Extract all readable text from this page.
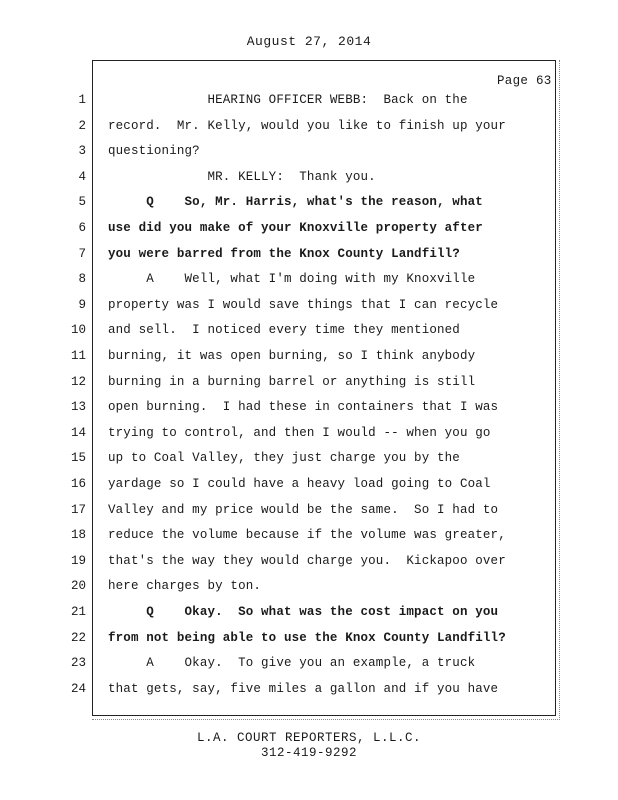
August 27, 2014
Page 63
1 HEARING OFFICER WEBB:  Back on the
2 record.  Mr. Kelly, would you like to finish up your
3 questioning?
4 MR. KELLY:  Thank you.
5 Q    So, Mr. Harris, what's the reason, what
6 use did you make of your Knoxville property after
7 you were barred from the Knox County Landfill?
8 A    Well, what I'm doing with my Knoxville
9 property was I would save things that I can recycle
10 and sell.  I noticed every time they mentioned
11 burning, it was open burning, so I think anybody
12 burning in a burning barrel or anything is still
13 open burning.  I had these in containers that I was
14 trying to control, and then I would -- when you go
15 up to Coal Valley, they just charge you by the
16 yardage so I could have a heavy load going to Coal
17 Valley and my price would be the same.  So I had to
18 reduce the volume because if the volume was greater,
19 that's the way they would charge you.  Kickapoo over
20 here charges by ton.
21 Q    Okay.  So what was the cost impact on you
22 from not being able to use the Knox County Landfill?
23 A    Okay.  To give you an example, a truck
24 that gets, say, five miles a gallon and if you have
L.A. COURT REPORTERS, L.L.C.
312-419-9292
